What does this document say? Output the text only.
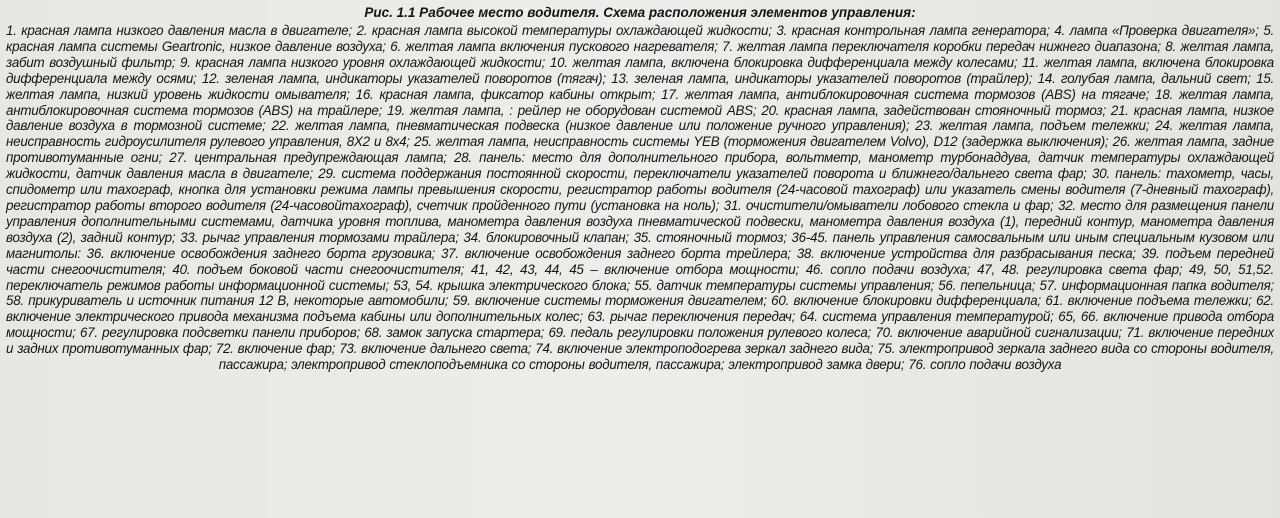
Рис. 1.1 Рабочее место водителя. Схема расположения элементов управления:

1. красная лампа низкого давления масла в двигателе; 2. красная лампа высокой температуры охлаждающей жидкости; 3. красная контрольная лампа генератора; 4. лампа «Проверка двигателя»; 5. красная лампа системы Geartronic, низкое давление воздуха; 6. желтая лампа включения пускового нагревателя; 7. желтая лампа переключателя коробки передач нижнего диапазона; 8. желтая лампа, забит воздушный фильтр; 9. красная лампа низкого уровня охлаждающей жидкости; 10. желтая лампа, включена блокировка дифференциала между колесами; 11. желтая лампа, включена блокировка дифференциала между осями; 12. зеленая лампа, индикаторы указателей поворотов (тягач); 13. зеленая лампа, индикаторы указателей поворотов (трайлер); 14. голубая лампа, дальний свет; 15. желтая лампа, низкий уровень жидкости омывателя; 16. красная лампа, фиксатор кабины открыт; 17. желтая лампа, антиблокировочная система тормозов (ABS) на тягаче; 18. желтая лампа, антиблокировочная система тормозов (ABS) на трайлере; 19. желтая лампа, : рейлер не оборудован системой ABS; 20. красная лампа, задействован стояночный тормоз; 21. красная лампа, низкое давление воздуха в тормозной системе; 22. желтая лампа, пневматическая подвеска (низкое давление или положение ручного управления); 23. желтая лампа, подъем тележки; 24. желтая лампа, неисправность гидроусилителя рулевого управления, 8X2 и 8x4; 25. желтая лампа, неисправность системы YEB (торможения двигателем Volvo), D12 (задержка выключения); 26. желтая лампа, задние противотуманные огни; 27. центральная предупреждающая лампа; 28. панель: место для дополнительного прибора, вольтметр, манометр турбонаддува, датчик температуры охлаждающей жидкости, датчик давления масла в двигателе; 29. система поддержания постоянной скорости, переключатели указателей поворота и ближнего/дальнего света фар; 30. панель: тахометр, часы, спидометр или тахограф, кнопка для установки режима лампы превышения скорости, регистратор работы водителя (24-часовой тахограф) или указатель смены водителя (7-дневный тахограф), регистратор работы второго водителя (24-часовойтахограф), счетчик пройденного пути (установка на ноль); 31. очистители/омыватели лобового стекла и фар; 32. место для размещения панели управления дополнительными системами, датчика уровня топлива, манометра давления воздуха пневматической подвески, манометра давления воздуха (1), передний контур, манометра давления воздуха (2), задний контур; 33. рычаг управления тормозами трайлера; 34. блокировочный клапан; 35. стояночный тормоз; 36-45. панель управления самосвальным или иным специальным кузовом или магнитолы: 36. включение освобождения заднего борта грузовика; 37. включение освобождения заднего борта трейлера; 38. включение устройства для разбрасывания песка; 39. подъем передней части снегоочистителя; 40. подъем боковой части снегоочистителя; 41, 42, 43, 44, 45 – включение отбора мощности; 46. сопло подачи воздуха; 47, 48. регулировка света фар; 49, 50, 51,52. переключатель режимов работы информационной системы; 53, 54. крышка электрического блока; 55. датчик температуры системы управления; 56. пепельница; 57. информационная папка водителя; 58. прикуриватель и источник питания 12 В, некоторые автомобили; 59. включение системы торможения двигателем; 60. включение блокировки дифференциала; 61. включение подъема тележки; 62. включение электрического привода механизма подъема кабины или дополнительных колес; 63. рычаг переключения передач; 64. система управления температурой; 65, 66. включение привода отбора мощности; 67. регулировка подсветки панели приборов; 68. замок запуска стартера; 69. педаль регулировки положения рулевого колеса; 70. включение аварийной сигнализации; 71. включение передних и задних противотуманных фар; 72. включение фар; 73. включение дальнего света; 74. включение электроподогрева зеркал заднего вида; 75. электропривод зеркала заднего вида со стороны водителя, пассажира; электропривод стеклоподъемника со стороны водителя, пассажира; электропривод замка двери; 76. сопло подачи воздуха
